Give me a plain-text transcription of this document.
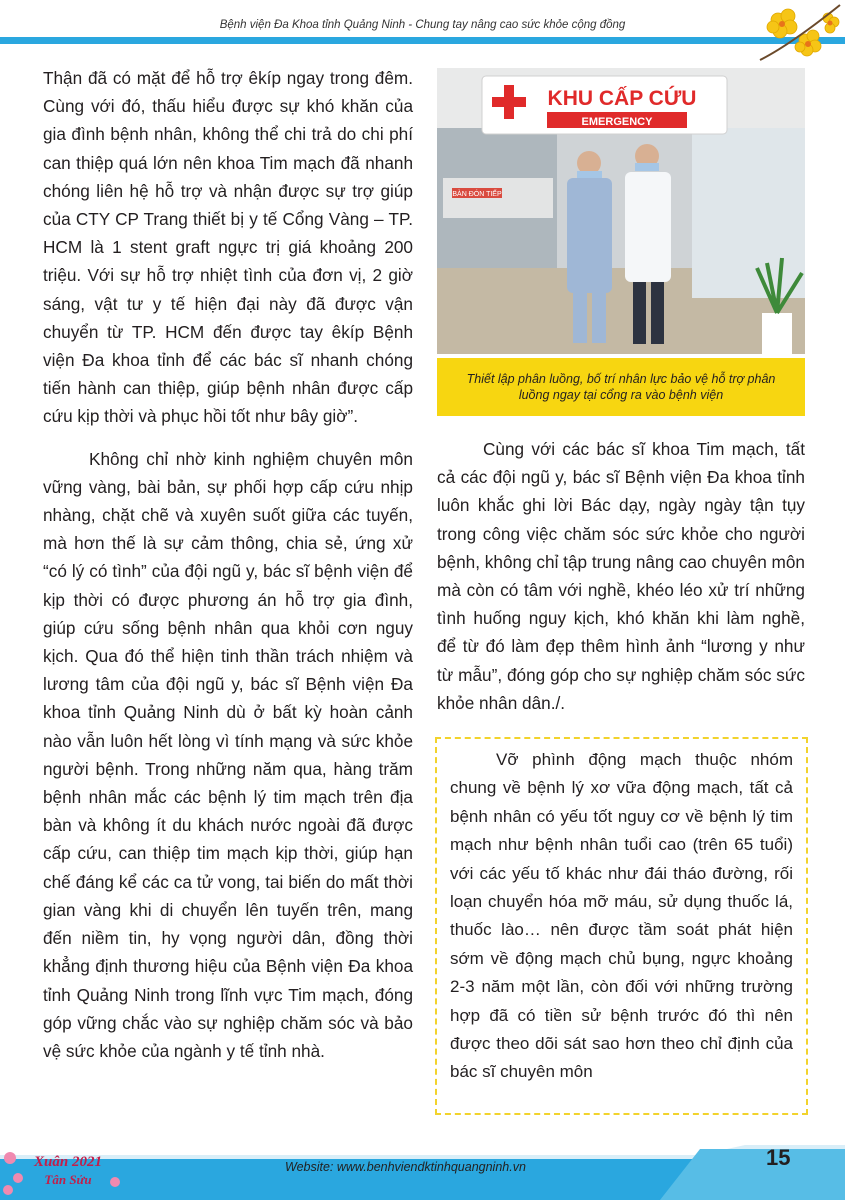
Bệnh viện Đa Khoa tỉnh Quảng Ninh - Chung tay nâng cao sức khỏe cộng đồng

Thận đã có mặt để hỗ trợ êkíp ngay trong đêm. Cùng với đó, thấu hiểu được sự khó khăn của gia đình bệnh nhân, không thể chi trả do chi phí can thiệp quá lớn nên khoa Tim mạch đã nhanh chóng liên hệ hỗ trợ và nhận được sự trợ giúp của CTY CP Trang thiết bị y tế Cổng Vàng – TP. HCM là 1 stent graft ngực trị giá khoảng 200 triệu. Với sự hỗ trợ nhiệt tình của đơn vị, 2 giờ sáng, vật tư y tế hiện đại này đã được vận chuyển từ TP. HCM đến được tay êkíp Bệnh viện Đa khoa tỉnh để các bác sĩ nhanh chóng tiến hành can thiệp, giúp bệnh nhân được cấp cứu kịp thời và phục hồi tốt như bây giờ”.

Không chỉ nhờ kinh nghiệm chuyên môn vững vàng, bài bản, sự phối hợp cấp cứu nhịp nhàng, chặt chẽ và xuyên suốt giữa các tuyến, mà hơn thế là sự cảm thông, chia sẻ, ứng xử “có lý có tình” của đội ngũ y, bác sĩ bệnh viện để kịp thời có được phương án hỗ trợ gia đình, giúp cứu sống bệnh nhân qua khỏi cơn nguy kịch. Qua đó thể hiện tinh thần trách nhiệm và lương tâm của đội ngũ y, bác sĩ Bệnh viện Đa khoa tỉnh Quảng Ninh dù ở bất kỳ hoàn cảnh nào vẫn luôn hết lòng vì tính mạng và sức khỏe người bệnh. Trong những năm qua, hàng trăm bệnh nhân mắc các bệnh lý tim mạch trên địa bàn và không ít du khách nước ngoài đã được cấp cứu, can thiệp tim mạch kịp thời, giúp hạn chế đáng kể các ca tử vong, tai biến do mất thời gian vàng khi di chuyển lên tuyến trên, mang đến niềm tin, hy vọng người dân, đồng thời khẳng định thương hiệu của Bệnh viện Đa khoa tỉnh Quảng Ninh trong lĩnh vực Tim mạch, đóng góp vững chắc vào sự nghiệp chăm sóc và bảo vệ sức khỏe của ngành y tế tỉnh nhà.

BÀN ĐÓN TIẾP
KHU CẤP CỨU
EMERGENCY
Thiết lập phân luồng, bố trí nhân lực bảo vệ hỗ trợ phân luồng ngay tại cổng ra vào bệnh viện

Cùng với các bác sĩ khoa Tim mạch, tất cả các đội ngũ y, bác sĩ Bệnh viện Đa khoa tỉnh luôn khắc ghi lời Bác dạy, ngày ngày tận tụy trong công việc chăm sóc sức khỏe cho người bệnh, không chỉ tập trung nâng cao chuyên môn mà còn có tâm với nghề, khéo léo xử trí những tình huống nguy kịch, khó khăn khi làm nghề, để từ đó làm đẹp thêm hình ảnh “lương y như từ mẫu”, đóng góp cho sự nghiệp chăm sóc sức khỏe nhân dân./.

Vỡ phình động mạch thuộc nhóm chung về bệnh lý xơ vữa động mạch, tất cả bệnh nhân có yếu tốt nguy cơ về bệnh lý tim mạch như bệnh nhân tuổi cao (trên 65 tuổi) với các yếu tố khác như đái tháo đường, rối loạn chuyển hóa mỡ máu, sử dụng thuốc lá, thuốc lào… nên được tầm soát phát hiện sớm về động mạch chủ bụng, ngực khoảng 2-3 năm một lần, còn đối với những trường hợp đã có tiền sử bệnh trước đó thì nên được theo dõi sát sao hơn theo chỉ định của bác sĩ chuyên môn

Website: www.benhviendktinhquangninh.vn	15
Xuân 2021
Tân Sửu
